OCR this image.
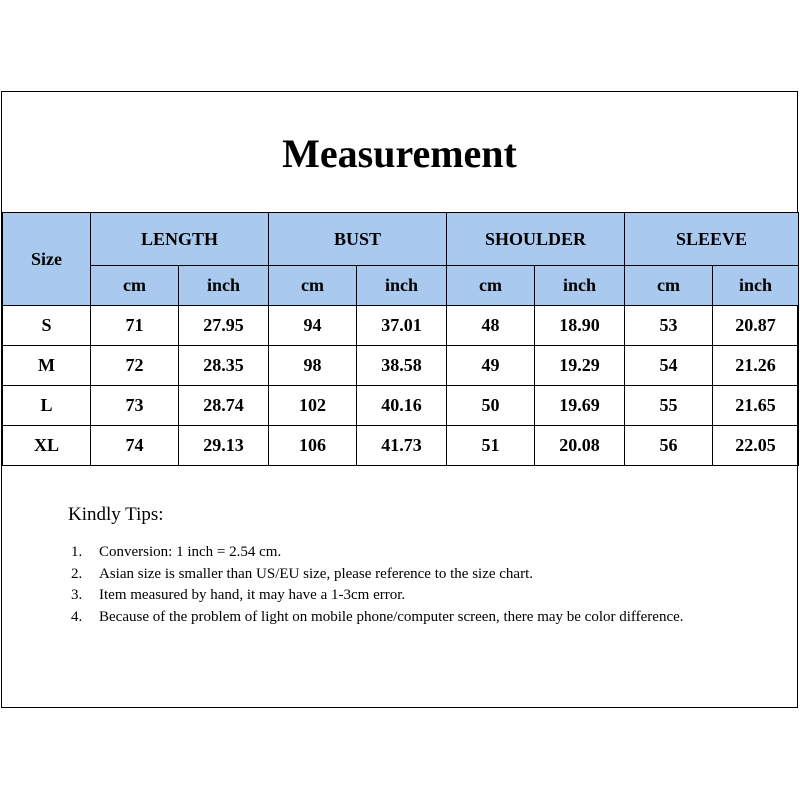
Measurement
Size	LENGTH		BUST		SHOULDER		SLEEVE	
	cm	inch	cm	inch	cm	inch	cm	inch
S	71	27.95	94	37.01	48	18.90	53	20.87
M	72	28.35	98	38.58	49	19.29	54	21.26
L	73	28.74	102	40.16	50	19.69	55	21.65
XL	74	29.13	106	41.73	51	20.08	56	22.05
Kindly Tips:
1.	Conversion: 1 inch = 2.54 cm.
2.	Asian size is smaller than US/EU size, please reference to the size chart.
3.	Item measured by hand, it may have a 1-3cm error.
4.	Because of the problem of light on mobile phone/computer screen, there may be color difference.
